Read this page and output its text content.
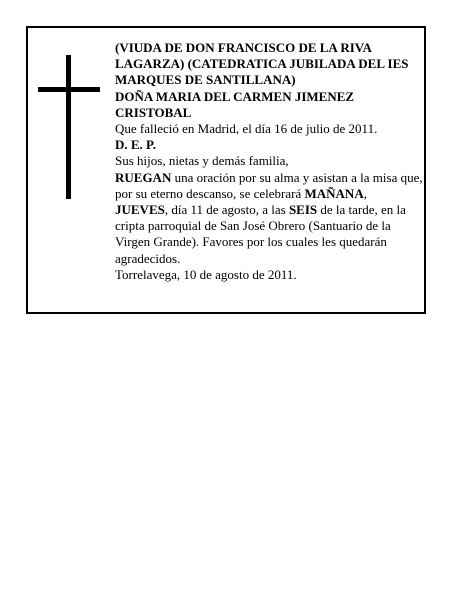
(VIUDA DE DON FRANCISCO DE LA RIVA LAGARZA) (CATEDRATICA JUBILADA DEL IES MARQUES DE SANTILLANA)

DOÑA MARIA DEL CARMEN JIMENEZ CRISTOBAL

Que falleció en Madrid, el día 16 de julio de 2011.

D. E. P.

Sus hijos, nietas y demás familia,

RUEGAN una oración por su alma y asistan a la misa que, por su eterno descanso, se celebrará MAÑANA, JUEVES, día 11 de agosto, a las SEIS de la tarde, en la cripta parroquial de San José Obrero (Santuario de la Virgen Grande). Favores por los cuales les quedarán agradecidos.

Torrelavega, 10 de agosto de 2011.
